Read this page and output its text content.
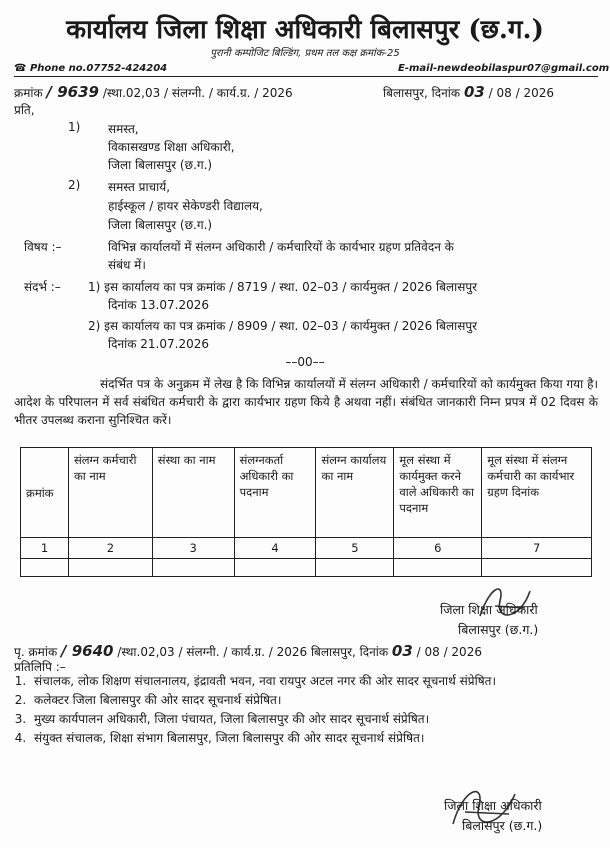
कार्यालय जिला शिक्षा अधिकारी बिलासपुर (छ.ग.)
पुरानी कम्पोजिट बिल्डिंग, प्रथम तल कक्ष क्रमांक-25
☎ Phone no.07752-424204	E-mail-newdeobilaspur07@gmail.com
क्रमांक / 9639 /स्था.02,03 / संलग्नी. / कार्य.ग्र. / 2026	बिलासपुर, दिनांक 03 / 08 / 2026
प्रति,
1) समस्त,
विकासखण्ड शिक्षा अधिकारी,
जिला बिलासपुर (छ.ग.)
2) समस्त प्राचार्य,
हाईस्कूल / हायर सेकेण्डरी विद्यालय,
जिला बिलासपुर (छ.ग.)
विषय :–	विभिन्न कार्यालयों में संलग्न अधिकारी / कर्मचारियों के कार्यभार ग्रहण प्रतिवेदन के
संबंध में।
संदर्भ :– 1) इस कार्यालय का पत्र क्रमांक / 8719 / स्था. 02–03 / कार्यमुक्त / 2026 बिलासपुर
दिनांक 13.07.2026
2) इस कार्यालय का पत्र क्रमांक / 8909 / स्था. 02–03 / कार्यमुक्त / 2026 बिलासपुर
दिनांक 21.07.2026
––00––
संदर्भित पत्र के अनुक्रम में लेख है कि विभिन्न कार्यालयों में संलग्न अधिकारी / कर्मचारियों को कार्यमुक्त किया गया है। आदेश के परिपालन में सर्व संबंधित कर्मचारी के द्वारा कार्यभार ग्रहण किये है अथवा नहीं। संबंधित जानकारी निम्न प्रपत्र में 02 दिवस के भीतर उपलब्ध कराना सुनिश्चित करें।
क्रमांक	संलग्न कर्मचारी का नाम	संस्था का नाम	संलग्नकर्ता अधिकारी का पदनाम	संलग्न कार्यालय का नाम	मूल संस्था में कार्यमुक्त करने वाले अधिकारी का पदनाम	मूल संस्था में संलग्न कर्मचारी का कार्यभार ग्रहण दिनांक
1	2	3	4	5	6	7

जिला शिक्षा अधिकारी
बिलासपुर (छ.ग.)
पृ. क्रमांक / 9640 /स्था.02,03 / संलग्नी. / कार्य.ग्र. / 2026 बिलासपुर, दिनांक 03 / 08 / 2026
प्रतिलिपि :–
1. संचालक, लोक शिक्षण संचालनालय, इंद्रावती भवन, नवा रायपुर अटल नगर की ओर सादर सूचनार्थ संप्रेषित।
2. कलेक्टर जिला बिलासपुर की ओर सादर सूचनार्थ संप्रेषित।
3. मुख्य कार्यपालन अधिकारी, जिला पंचायत, जिला बिलासपुर की ओर सादर सूचनार्थ संप्रेषित।
4. संयुक्त संचालक, शिक्षा संभाग बिलासपुर, जिला बिलासपुर की ओर सादर सूचनार्थ संप्रेषित।
जिला शिक्षा अधिकारी
बिलासपुर (छ.ग.)
